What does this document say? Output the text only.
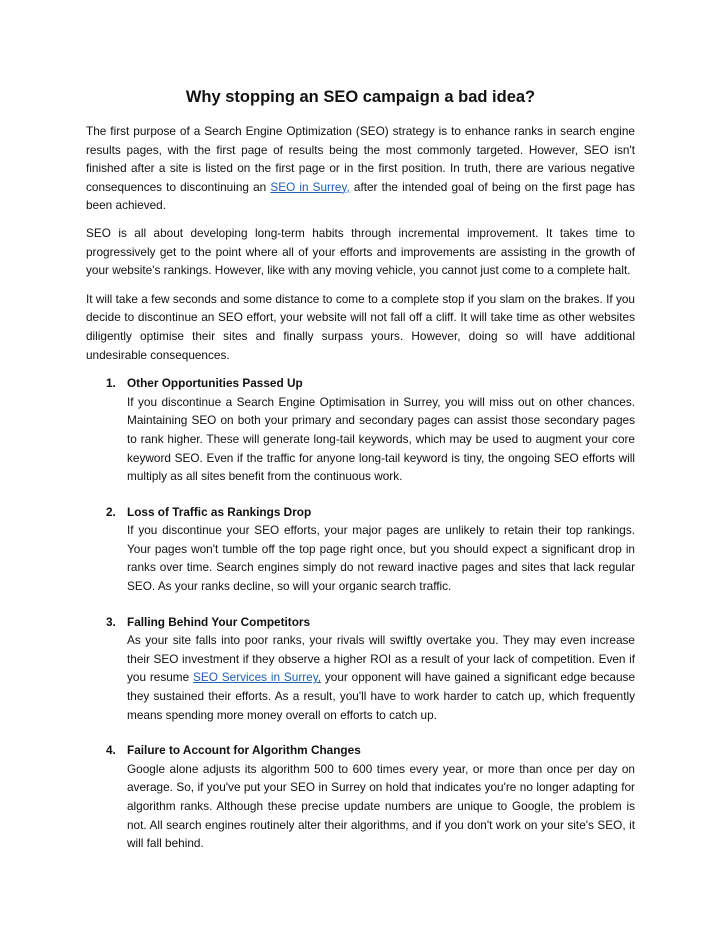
Why stopping an SEO campaign a bad idea?

The first purpose of a Search Engine Optimization (SEO) strategy is to enhance ranks in search engine results pages, with the first page of results being the most commonly targeted. However, SEO isn't finished after a site is listed on the first page or in the first position. In truth, there are various negative consequences to discontinuing an SEO in Surrey, after the intended goal of being on the first page has been achieved.

SEO is all about developing long-term habits through incremental improvement. It takes time to progressively get to the point where all of your efforts and improvements are assisting in the growth of your website's rankings. However, like with any moving vehicle, you cannot just come to a complete halt.

It will take a few seconds and some distance to come to a complete stop if you slam on the brakes. If you decide to discontinue an SEO effort, your website will not fall off a cliff. It will take time as other websites diligently optimise their sites and finally surpass yours. However, doing so will have additional undesirable consequences.

1. Other Opportunities Passed Up

If you discontinue a Search Engine Optimisation in Surrey, you will miss out on other chances. Maintaining SEO on both your primary and secondary pages can assist those secondary pages to rank higher. These will generate long-tail keywords, which may be used to augment your core keyword SEO. Even if the traffic for anyone long-tail keyword is tiny, the ongoing SEO efforts will multiply as all sites benefit from the continuous work.

2. Loss of Traffic as Rankings Drop

If you discontinue your SEO efforts, your major pages are unlikely to retain their top rankings. Your pages won't tumble off the top page right once, but you should expect a significant drop in ranks over time. Search engines simply do not reward inactive pages and sites that lack regular SEO. As your ranks decline, so will your organic search traffic.

3. Falling Behind Your Competitors

As your site falls into poor ranks, your rivals will swiftly overtake you. They may even increase their SEO investment if they observe a higher ROI as a result of your lack of competition. Even if you resume SEO Services in Surrey, your opponent will have gained a significant edge because they sustained their efforts. As a result, you'll have to work harder to catch up, which frequently means spending more money overall on efforts to catch up.

4. Failure to Account for Algorithm Changes

Google alone adjusts its algorithm 500 to 600 times every year, or more than once per day on average. So, if you've put your SEO in Surrey on hold that indicates you're no longer adapting for algorithm ranks. Although these precise update numbers are unique to Google, the problem is not. All search engines routinely alter their algorithms, and if you don't work on your site's SEO, it will fall behind.
